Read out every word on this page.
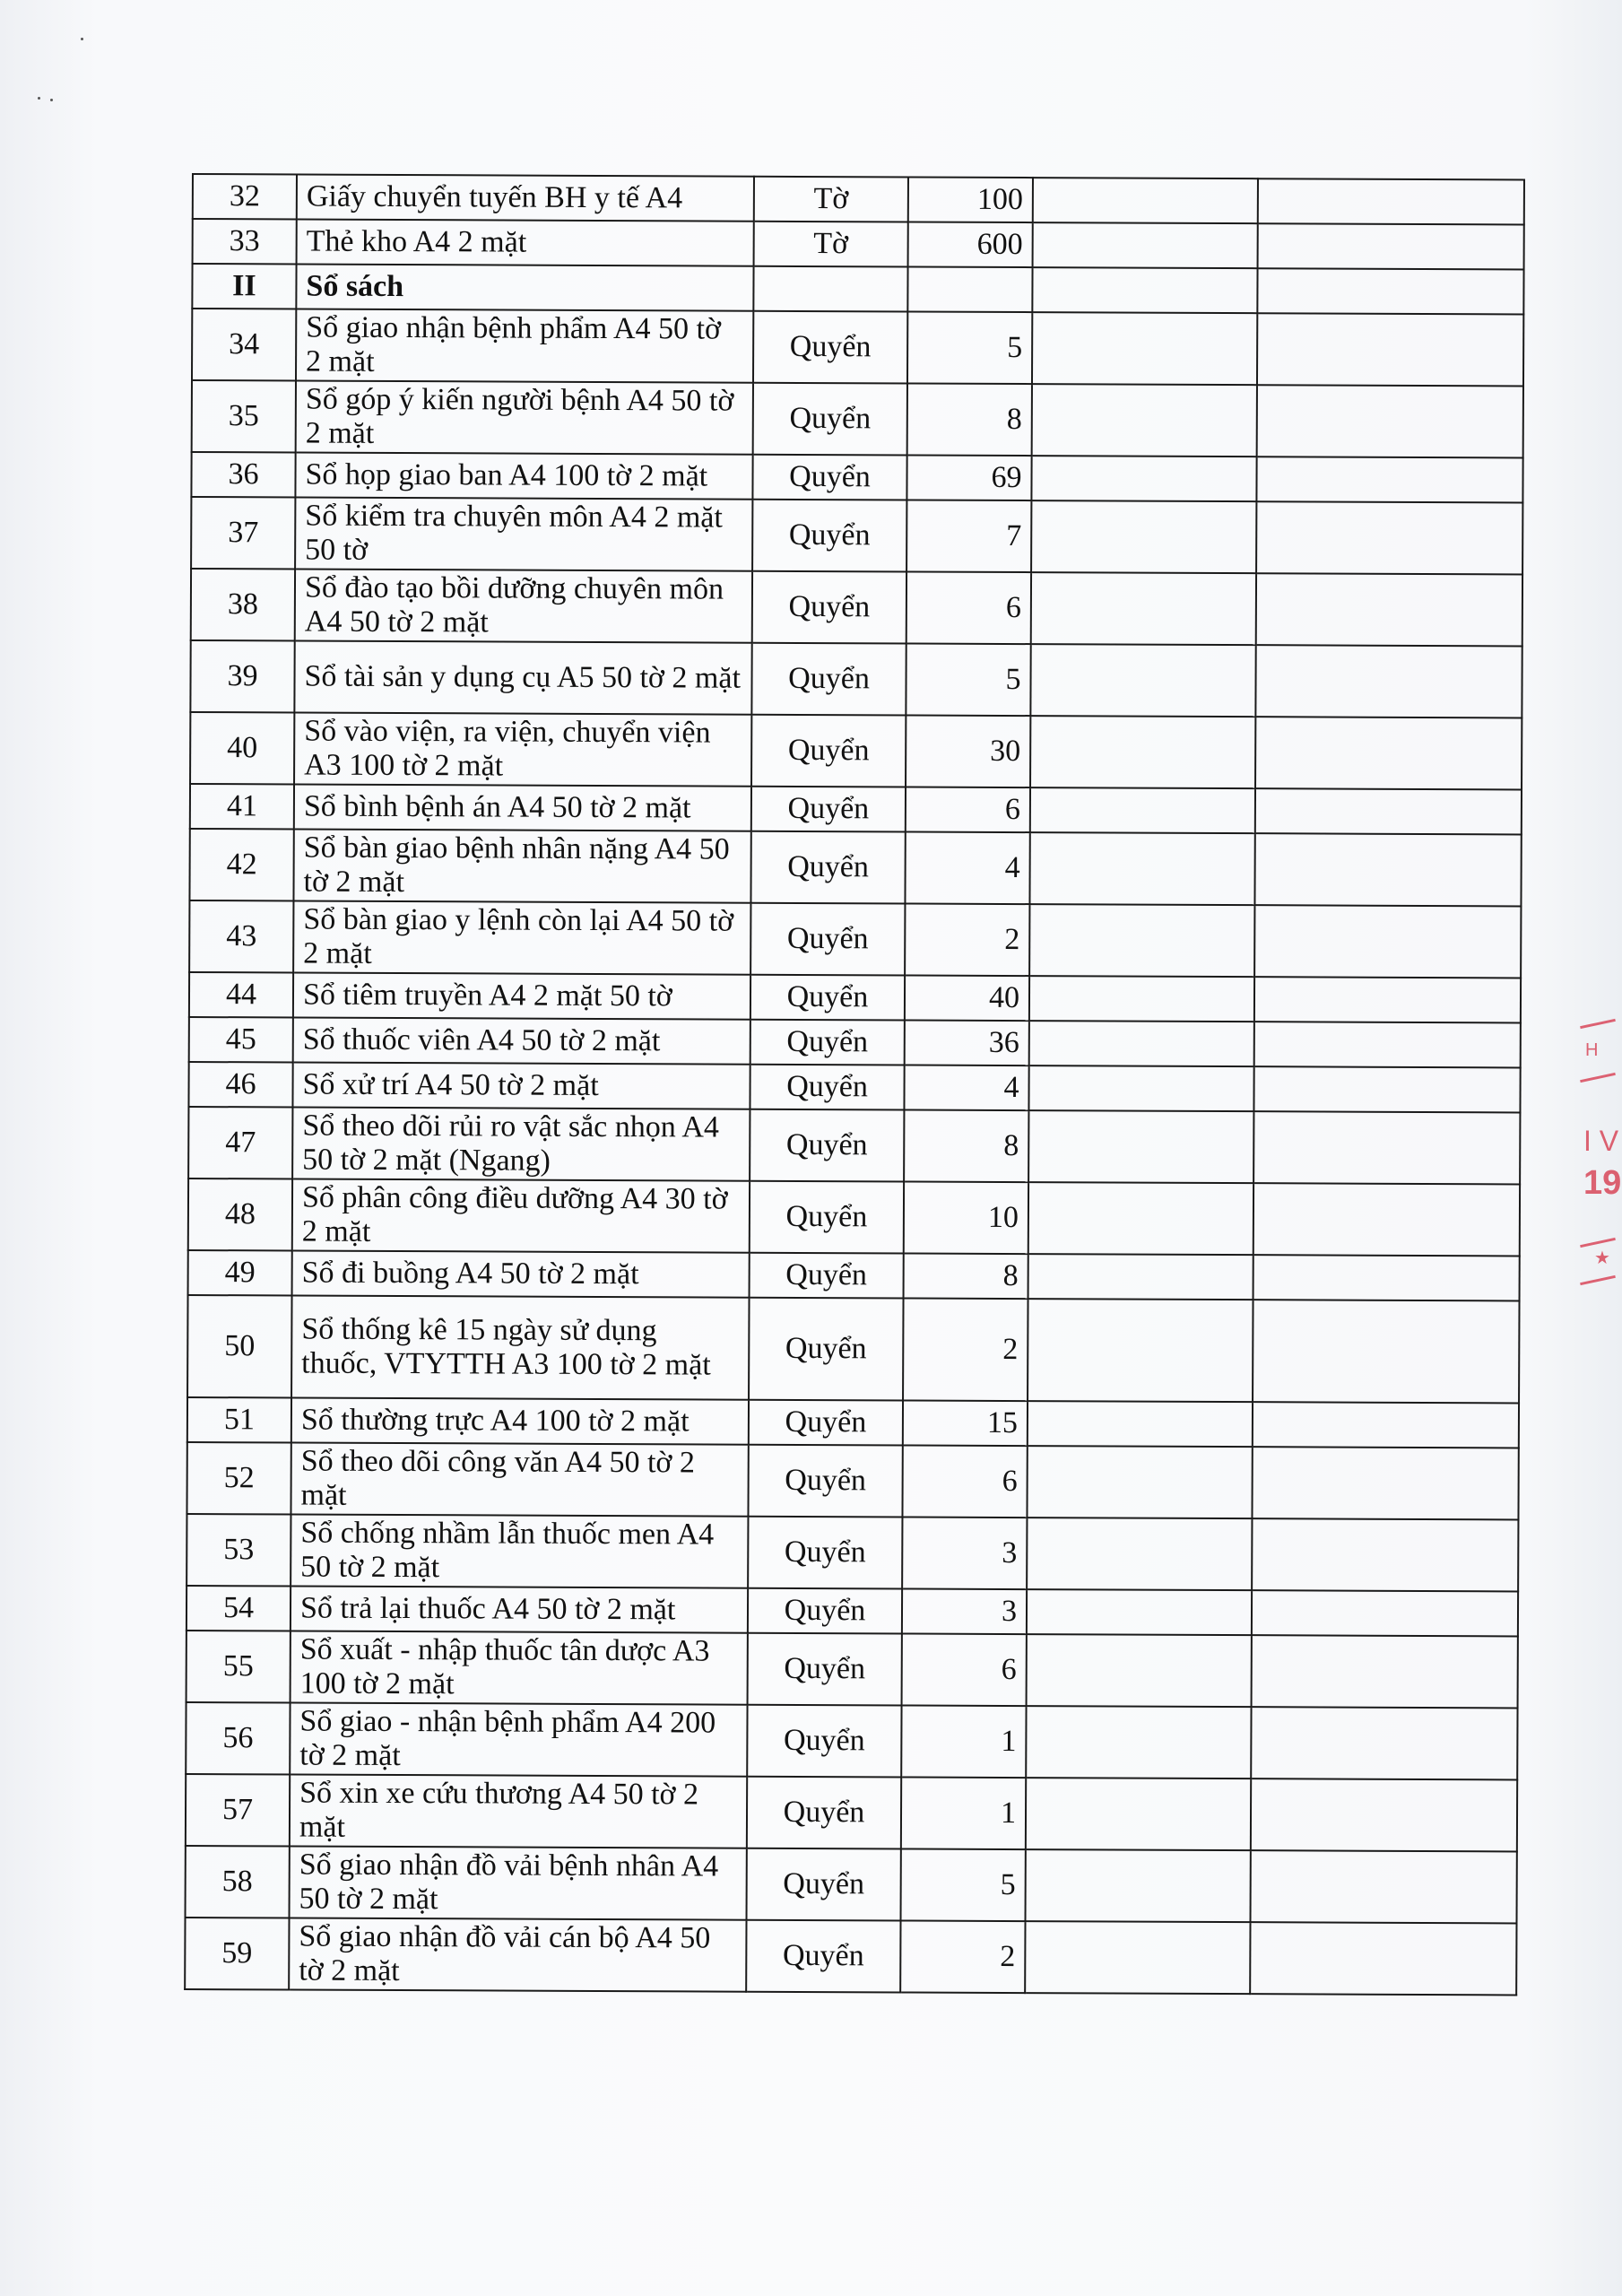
32	Giấy chuyển tuyến BH y tế A4	Tờ	100		
33	Thẻ kho A4 2 mặt	Tờ	600		
II	Sổ sách				
34	Sổ giao nhận bệnh phẩm A4 50 tờ 2 mặt	Quyển	5		
35	Sổ góp ý kiến người bệnh A4 50 tờ 2 mặt	Quyển	8		
36	Sổ họp giao ban A4 100 tờ 2 mặt	Quyển	69		
37	Sổ kiểm tra chuyên môn A4 2 mặt 50 tờ	Quyển	7		
38	Sổ đào tạo bồi dưỡng chuyên môn A4 50 tờ 2 mặt	Quyển	6		
39	Sổ tài sản y dụng cụ A5 50 tờ 2 mặt	Quyển	5		
40	Sổ vào viện, ra viện, chuyển viện A3 100 tờ 2 mặt	Quyển	30		
41	Sổ bình bệnh án A4 50 tờ 2 mặt	Quyển	6		
42	Sổ bàn giao bệnh nhân nặng A4 50 tờ 2 mặt	Quyển	4		
43	Sổ bàn giao y lệnh còn lại A4 50 tờ 2 mặt	Quyển	2		
44	Sổ tiêm truyền A4 2 mặt 50 tờ	Quyển	40		
45	Sổ thuốc viên A4 50 tờ 2 mặt	Quyển	36		
46	Sổ xử trí A4 50 tờ 2 mặt	Quyển	4		
47	Sổ theo dõi rủi ro vật sắc nhọn A4 50 tờ 2 mặt (Ngang)	Quyển	8		
48	Sổ phân công điều dưỡng A4 30 tờ 2 mặt	Quyển	10		
49	Sổ đi buồng A4 50 tờ 2 mặt	Quyển	8		
50	Sổ thống kê 15 ngày sử dụng thuốc, VTYTTH A3 100 tờ 2 mặt	Quyển	2		
51	Sổ thường trực A4 100 tờ 2 mặt	Quyển	15		
52	Sổ theo dõi công văn A4 50 tờ 2 mặt	Quyển	6		
53	Sổ chống nhầm lẫn thuốc men A4 50 tờ 2 mặt	Quyển	3		
54	Sổ trả lại thuốc A4 50 tờ 2 mặt	Quyển	3		
55	Sổ xuất - nhập thuốc tân dược A3 100 tờ 2 mặt	Quyển	6		
56	Sổ giao - nhận bệnh phẩm A4 200 tờ 2 mặt	Quyển	1		
57	Sổ xin xe cứu thương A4 50 tờ 2 mặt	Quyển	1		
58	Sổ giao nhận đồ vải bệnh nhân A4 50 tờ 2 mặt	Quyển	5		
59	Sổ giao nhận đồ vải cán bộ A4 50 tờ 2 mặt	Quyển	2		
H
I V
19
★
